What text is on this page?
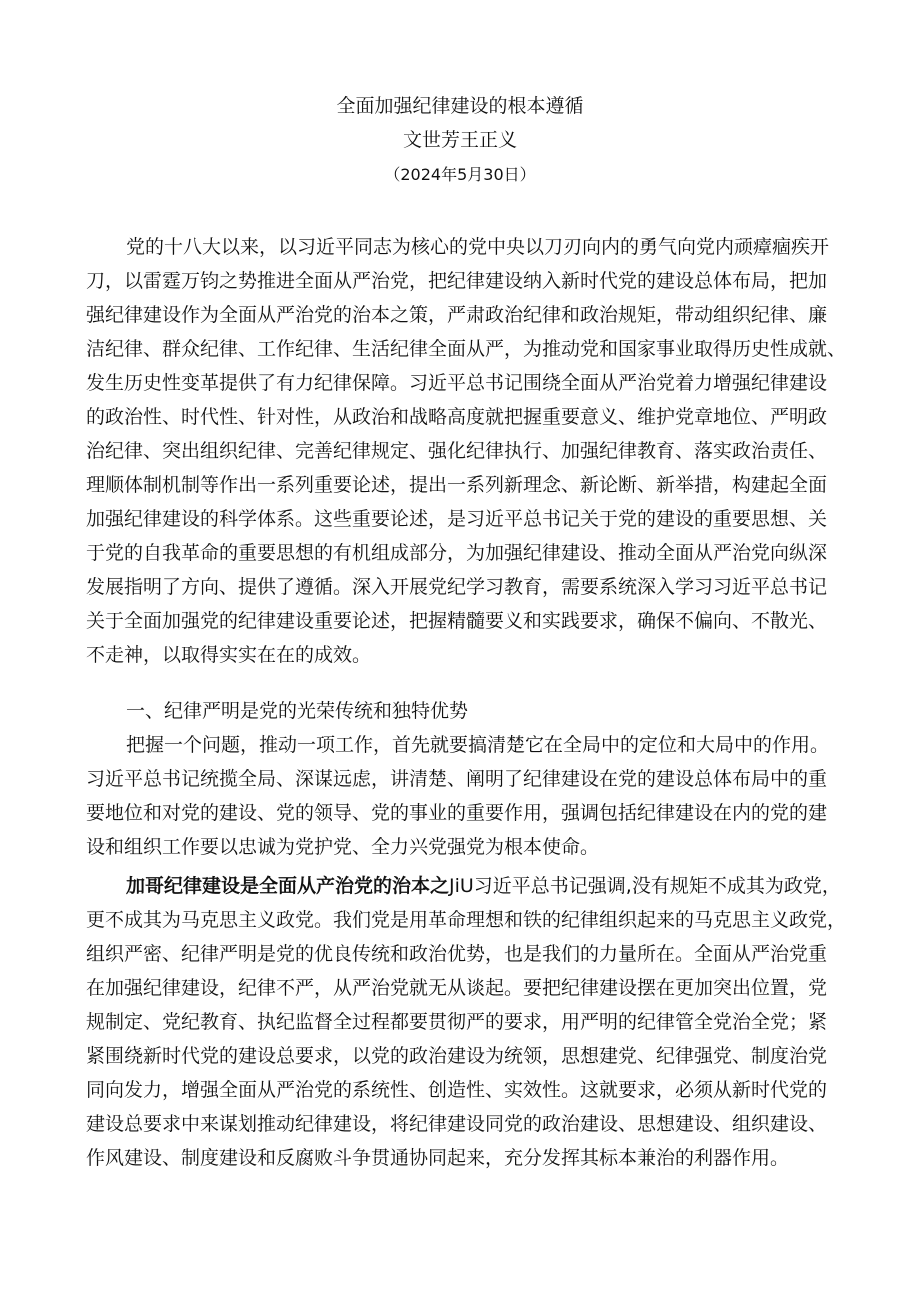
全面加强纪律建设的根本遵循
文世芳王正义
（2024年5月30日）
党的十八大以来，以习近平同志为核心的党中央以刀刃向内的勇气向党内顽瘴痼疾开
刀，以雷霆万钧之势推进全面从严治党，把纪律建设纳入新时代党的建设总体布局，把加
强纪律建设作为全面从严治党的治本之策，严肃政治纪律和政治规矩，带动组织纪律、廉
洁纪律、群众纪律、工作纪律、生活纪律全面从严，为推动党和国家事业取得历史性成就、
发生历史性变革提供了有力纪律保障。习近平总书记围绕全面从严治党着力增强纪律建设
的政治性、时代性、针对性，从政治和战略高度就把握重要意义、维护党章地位、严明政
治纪律、突出组织纪律、完善纪律规定、强化纪律执行、加强纪律教育、落实政治责任、
理顺体制机制等作出一系列重要论述，提出一系列新理念、新论断、新举措，构建起全面
加强纪律建设的科学体系。这些重要论述，是习近平总书记关于党的建设的重要思想、关
于党的自我革命的重要思想的有机组成部分，为加强纪律建设、推动全面从严治党向纵深
发展指明了方向、提供了遵循。深入开展党纪学习教育，需要系统深入学习习近平总书记
关于全面加强党的纪律建设重要论述，把握精髓要义和实践要求，确保不偏向、不散光、
不走神，以取得实实在在的成效。
一、纪律严明是党的光荣传统和独特优势
把握一个问题，推动一项工作，首先就要搞清楚它在全局中的定位和大局中的作用。
习近平总书记统揽全局、深谋远虑，讲清楚、阐明了纪律建设在党的建设总体布局中的重
要地位和对党的建设、党的领导、党的事业的重要作用，强调包括纪律建设在内的党的建
设和组织工作要以忠诚为党护党、全力兴党强党为根本使命。
加哥纪律建设是全面从产治党的治本之JiU习近平总书记强调,没有规矩不成其为政党，
更不成其为马克思主义政党。我们党是用革命理想和铁的纪律组织起来的马克思主义政党，
组织严密、纪律严明是党的优良传统和政治优势，也是我们的力量所在。全面从严治党重
在加强纪律建设，纪律不严，从严治党就无从谈起。要把纪律建设摆在更加突出位置，党
规制定、党纪教育、执纪监督全过程都要贯彻严的要求，用严明的纪律管全党治全党；紧
紧围绕新时代党的建设总要求，以党的政治建设为统领，思想建党、纪律强党、制度治党
同向发力，增强全面从严治党的系统性、创造性、实效性。这就要求，必须从新时代党的
建设总要求中来谋划推动纪律建设，将纪律建设同党的政治建设、思想建设、组织建设、
作风建设、制度建设和反腐败斗争贯通协同起来，充分发挥其标本兼治的利器作用。
